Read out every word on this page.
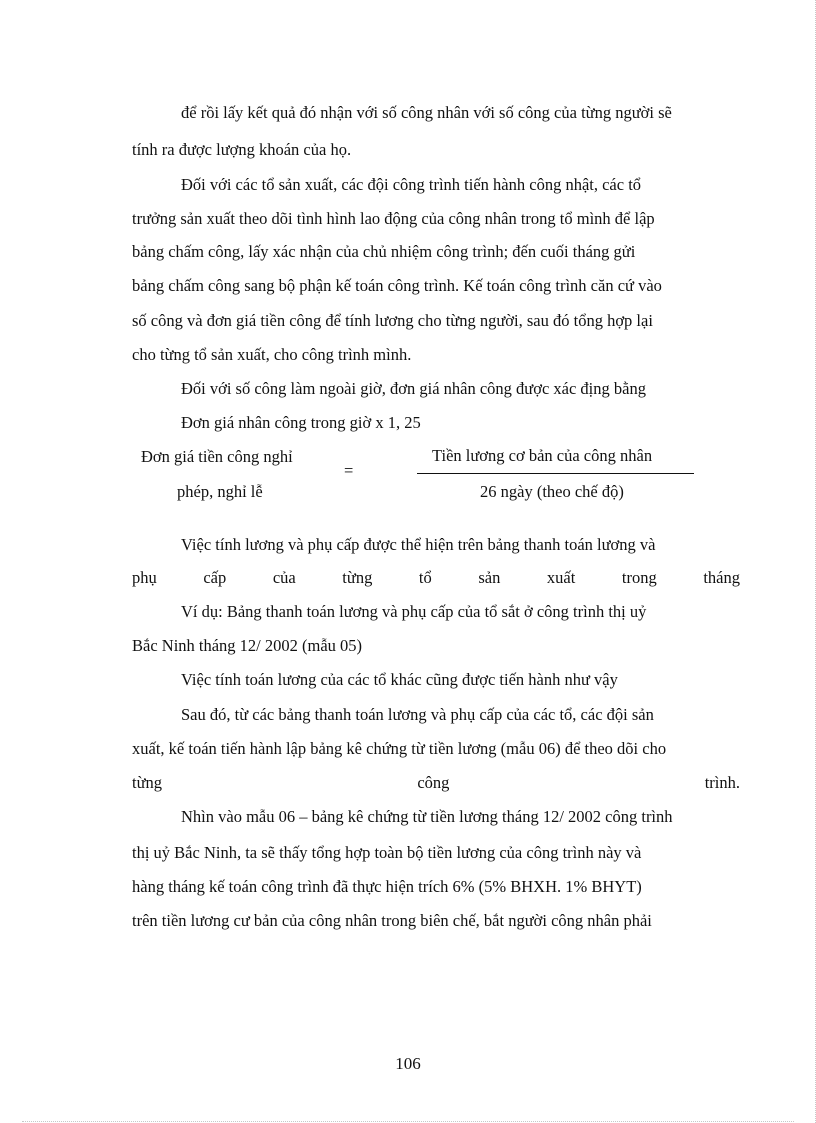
để rồi lấy kết quả đó nhận với số công nhân với số công của từng người sẽ
tính ra được lượng khoán của họ.
Đối với các tổ sản xuất, các đội công trình tiến hành công nhật, các tổ
trưởng sản xuất theo dõi tình hình lao động của công nhân trong tổ mình để lập
bảng chấm công, lấy xác nhận của chủ nhiệm công trình; đến cuối tháng gửi
bảng chấm công sang bộ phận kế toán công trình. Kế toán công trình căn cứ vào
số công và đơn giá tiền công để tính lương cho từng người, sau đó tổng hợp lại
cho từng tổ sản xuất, cho công trình mình.
Đối với số công làm ngoài giờ, đơn giá nhân công được xác địng bằng
Đơn giá nhân công trong giờ x 1, 25
Đơn giá tiền công nghỉ
phép, nghỉ lễ
=
Tiền lương cơ bản của công nhân
26 ngày (theo chế độ)
Việc tính lương và phụ cấp được thể hiện trên bảng thanh toán lương và
phụ	cấp	của	từng	tổ	sản	xuất	trong	tháng
Ví dụ: Bảng thanh toán lương và phụ cấp của tổ sắt ở công trình thị uỷ
Bắc Ninh tháng 12/ 2002 (mẫu 05)
Việc tính toán lương của các tổ khác cũng được tiến hành như vậy
Sau đó, từ các bảng thanh toán lương và phụ cấp của các tổ, các đội sản
xuất, kế toán tiến hành lập bảng kê chứng từ tiền lương (mẫu 06) để theo dõi cho
từng	công	trình.
Nhìn vào mẫu 06 – bảng kê chứng từ tiền lương tháng 12/ 2002 công trình
thị uỷ Bắc Ninh, ta sẽ thấy tổng hợp toàn bộ tiền lương của công trình này và
hàng tháng kế toán công trình đã thực hiện trích 6% (5% BHXH. 1% BHYT)
trên tiền lương cư bản của công nhân trong biên chế, bắt người công nhân phải
106
